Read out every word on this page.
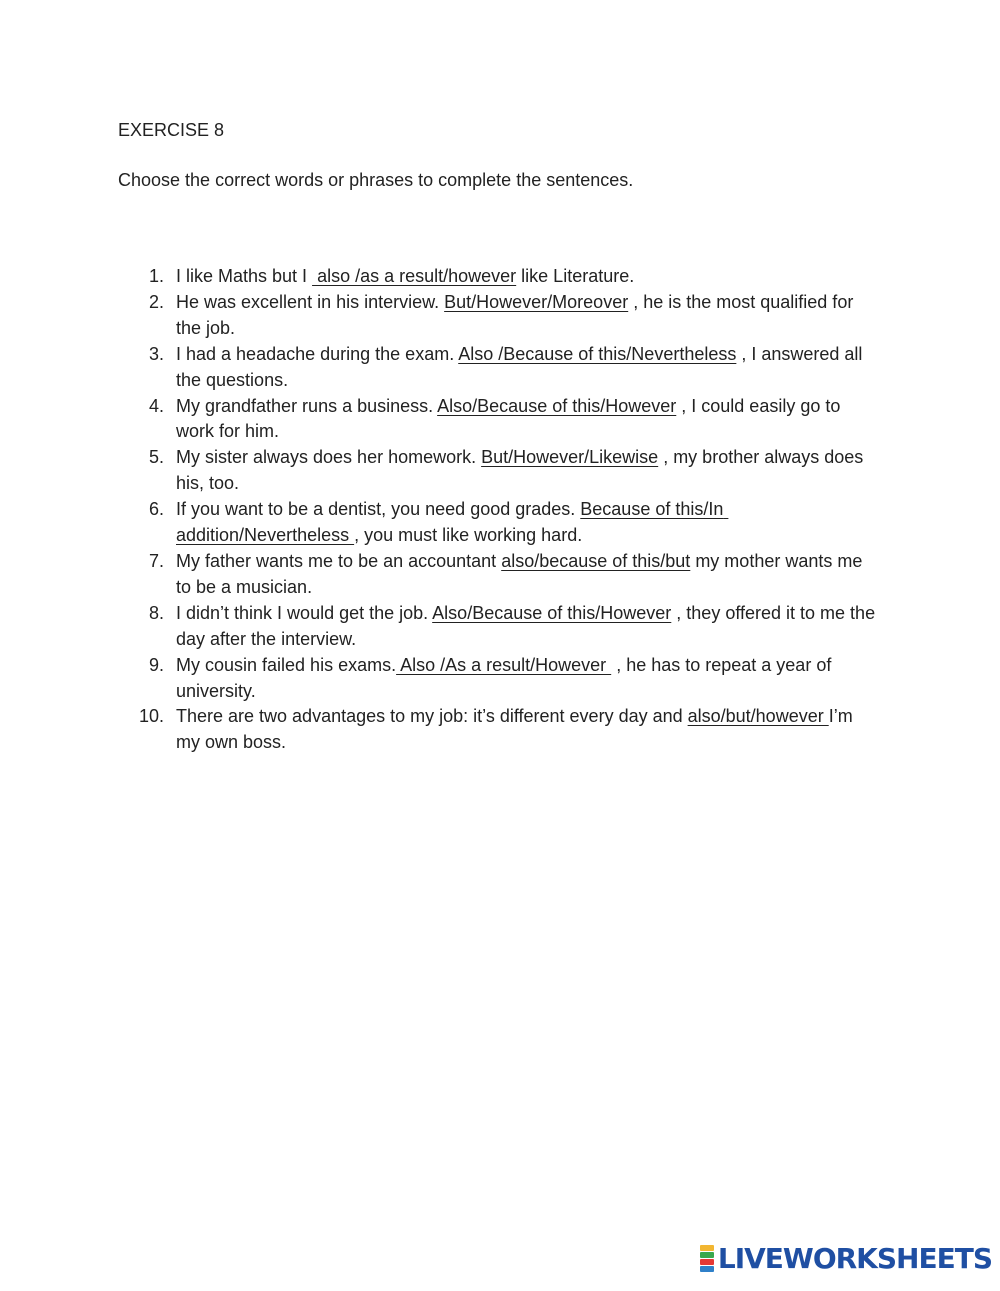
EXERCISE 8
Choose the correct words or phrases to complete the sentences.
1. I like Maths but I  also /as a result/however like Literature.
2. He was excellent in his interview. But/However/Moreover , he is the most qualified for the job.
3. I had a headache during the exam. Also /Because of this/Nevertheless , I answered all the questions.
4. My grandfather runs a business. Also/Because of this/However , I could easily go to work for him.
5. My sister always does her homework. But/However/Likewise , my brother always does his, too.
6. If you want to be a dentist, you need good grades. Because of this/In addition/Nevertheless , you must like working hard.
7. My father wants me to be an accountant also/because of this/but my mother wants me to be a musician.
8. I didn’t think I would get the job. Also/Because of this/However , they offered it to me the day after the interview.
9. My cousin failed his exams. Also /As a result/However  , he has to repeat a year of university.
10. There are two advantages to my job: it’s different every day and also/but/however I’m my own boss.
LIVEWORKSHEETS
